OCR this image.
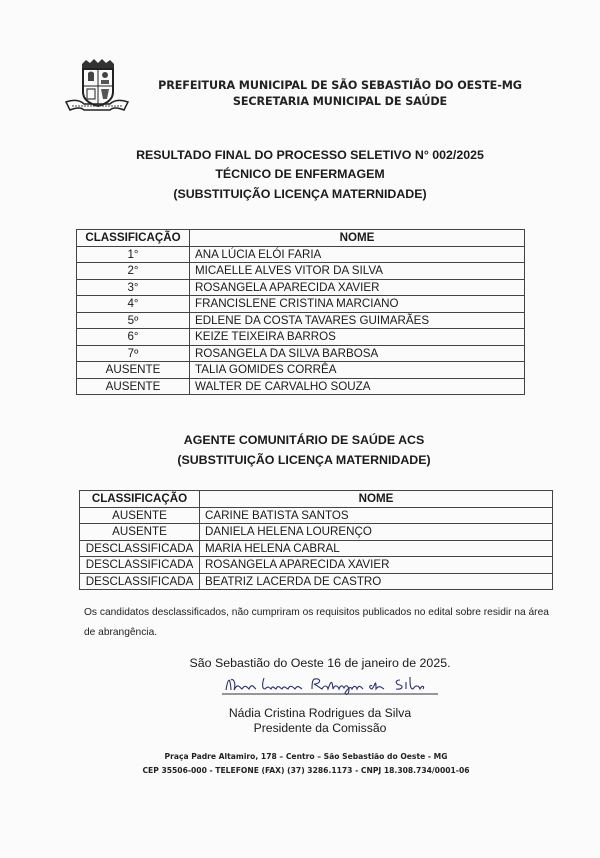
PREFEITURA MUNICIPAL DE SÃO SEBASTIÃO DO OESTE-MG
SECRETARIA MUNICIPAL DE SAÚDE
RESULTADO FINAL DO PROCESSO SELETIVO N° 002/2025
TÉCNICO DE ENFERMAGEM
(SUBSTITUIÇÃO LICENÇA MATERNIDADE)
CLASSIFICAÇÃO	NOME
1°	ANA LÚCIA ELÓI FARIA
2°	MICAELLE ALVES VITOR DA SILVA
3°	ROSANGELA APARECIDA XAVIER
4°	FRANCISLENE CRISTINA MARCIANO
5º	EDLENE DA COSTA TAVARES GUIMARÃES
6°	KEIZE TEIXEIRA BARROS
7º	ROSANGELA DA SILVA BARBOSA
AUSENTE	TALIA GOMIDES CORRÊA
AUSENTE	WALTER DE CARVALHO SOUZA
AGENTE COMUNITÁRIO DE SAÚDE ACS
(SUBSTITUIÇÃO LICENÇA MATERNIDADE)
CLASSIFICAÇÃO	NOME
AUSENTE	CARINE BATISTA SANTOS
AUSENTE	DANIELA HELENA LOURENÇO
DESCLASSIFICADA	MARIA HELENA CABRAL
DESCLASSIFICADA	ROSANGELA APARECIDA XAVIER
DESCLASSIFICADA	BEATRIZ LACERDA DE CASTRO

Os candidatos desclassificados, não cumpriram os requisitos publicados no edital sobre residir na área de abrangência.

São Sebastião do Oeste 16 de janeiro de 2025.
Nádia Cristina Rodrigues da Silva
Presidente da Comissão
Praça Padre Altamiro, 178 – Centro – São Sebastião do Oeste - MG
CEP 35506-000 - TELEFONE (FAX) (37) 3286.1173 - CNPJ 18.308.734/0001-06
